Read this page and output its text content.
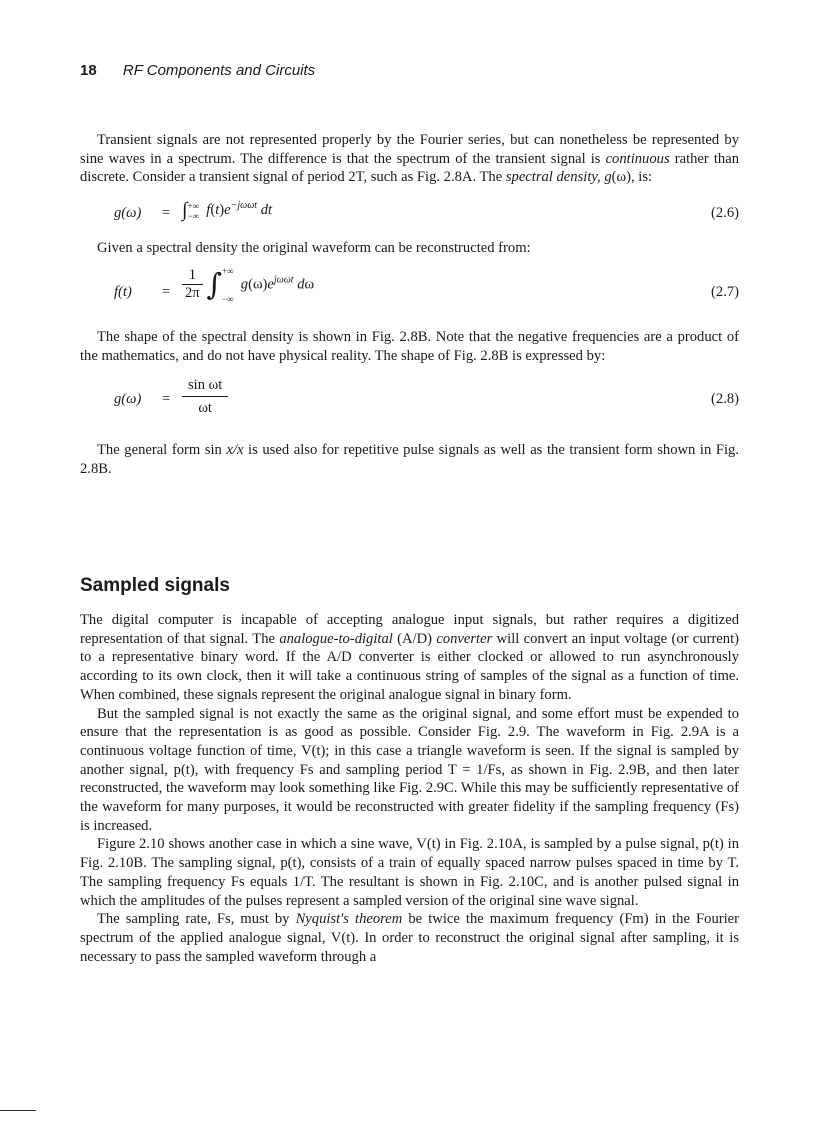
18 RF Components and Circuits

Transient signals are not represented properly by the Fourier series, but can nonetheless be represented by sine waves in a spectrum. The difference is that the spectrum of the transient signal is continuous rather than discrete. Consider a transient signal of period 2T, such as Fig. 2.8A. The spectral density, g(ω), is:

g(ω) = ∫ +∞
−∞ $f(t)e^{-j\omega\omega t}$ dt	(2.6)

Given a spectral density the original waveform can be reconstructed from:

$f(t) = \frac{1}{2\pi}$ ∫ +∞
−∞
$g(\omega)e^{j\omega\omega t}$ dω	(2.7)

The shape of the spectral density is shown in Fig. 2.8B. Note that the negative frequencies are a product of the mathematics, and do not have physical reality. The shape of Fig. 2.8B is expressed by:

$g(\omega) = \frac{\text{sin ωt}}{\omega t}$	(2.8)

The general form sin x/x is used also for repetitive pulse signals as well as the transient form shown in Fig. 2.8B.

Sampled signals

The digital computer is incapable of accepting analogue input signals, but rather requires a digitized representation of that signal. The analogue-to-digital (A/D) converter will convert an input voltage (or current) to a representative binary word. If the A/D converter is either clocked or allowed to run asynchronously according to its own clock, then it will take a continuous string of samples of the signal as a function of time. When combined, these signals represent the original analogue signal in binary form.

But the sampled signal is not exactly the same as the original signal, and some effort must be expended to ensure that the representation is as good as possible. Consider Fig. 2.9. The waveform in Fig. 2.9A is a continuous voltage function of time, V(t); in this case a triangle waveform is seen. If the signal is sampled by another signal, p(t), with frequency Fs and sampling period T = 1/Fs, as shown in Fig. 2.9B, and then later reconstructed, the waveform may look something like Fig. 2.9C. While this may be sufficiently representative of the waveform for many purposes, it would be reconstructed with greater fidelity if the sampling frequency (Fs) is increased.

Figure 2.10 shows another case in which a sine wave, V(t) in Fig. 2.10A, is sampled by a pulse signal, p(t) in Fig. 2.10B. The sampling signal, p(t), consists of a train of equally spaced narrow pulses spaced in time by T. The sampling frequency Fs equals 1/T. The resultant is shown in Fig. 2.10C, and is another pulsed signal in which the amplitudes of the pulses represent a sampled version of the original sine wave signal.

The sampling rate, Fs, must by Nyquist's theorem be twice the maximum frequency (Fm) in the Fourier spectrum of the applied analogue signal, V(t). In order to reconstruct the original signal after sampling, it is necessary to pass the sampled waveform through a
